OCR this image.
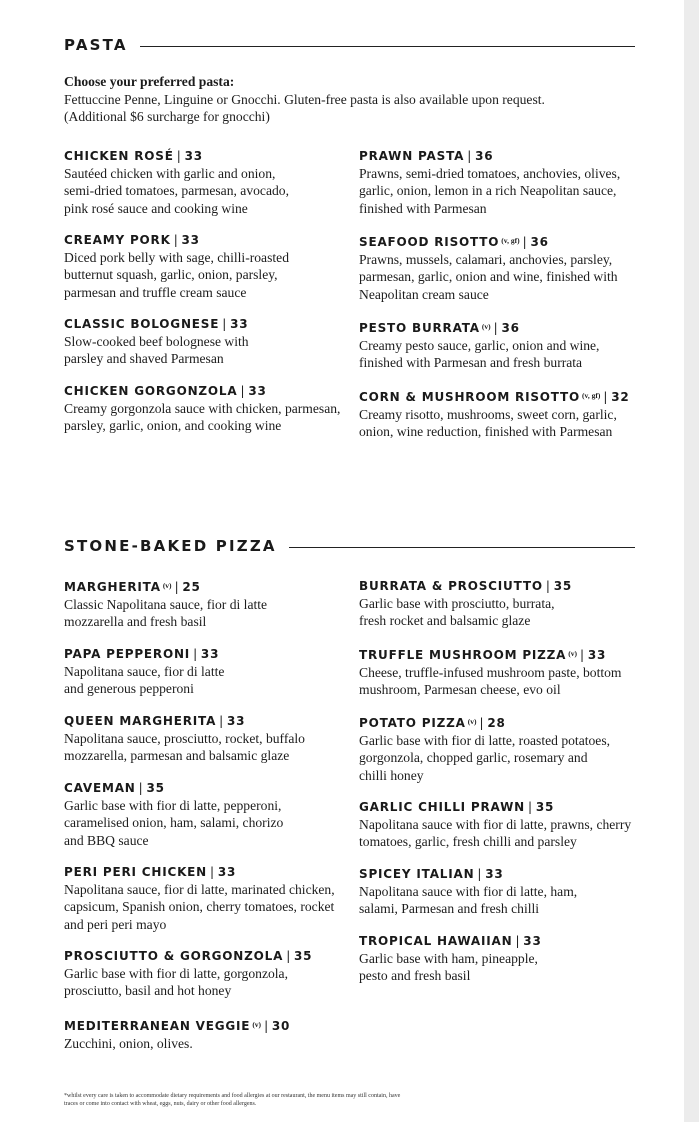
PASTA
Choose your preferred pasta:
Fettuccine Penne, Linguine or Gnocchi. Gluten-free pasta is also available upon request.
(Additional $6 surcharge for gnocchi)
CHICKEN ROSÉ | 33
Sautéed chicken with garlic and onion,
semi-dried tomatoes, parmesan, avocado,
pink rosé sauce and cooking wine
CREAMY PORK | 33
Diced pork belly with sage, chilli-roasted
butternut squash, garlic, onion, parsley,
parmesan and truffle cream sauce
CLASSIC BOLOGNESE | 33
Slow-cooked beef bolognese with
parsley and shaved Parmesan
CHICKEN GORGONZOLA | 33
Creamy gorgonzola sauce with chicken, parmesan,
parsley, garlic, onion, and cooking wine
PRAWN PASTA | 36
Prawns, semi-dried tomatoes, anchovies, olives,
garlic, onion, lemon in a rich Neapolitan sauce,
finished with Parmesan
SEAFOOD RISOTTO $^{(v, gf)}$ | 36
Prawns, mussels, calamari, anchovies, parsley,
parmesan, garlic, onion and wine, finished with
Neapolitan cream sauce
PESTO BURRATA $^{(v)}$ | 36
Creamy pesto sauce, garlic, onion and wine,
finished with Parmesan and fresh burrata
CORN & MUSHROOM RISOTTO $^{(v, gf)}$ | 32
Creamy risotto, mushrooms, sweet corn, garlic,
onion, wine reduction, finished with Parmesan
STONE-BAKED PIZZA
MARGHERITA $^{(v)}$ | 25
Classic Napolitana sauce, fior di latte
mozzarella and fresh basil
PAPA PEPPERONI | 33
Napolitana sauce, fior di latte
and generous pepperoni
QUEEN MARGHERITA | 33
Napolitana sauce, prosciutto, rocket, buffalo
mozzarella, parmesan and balsamic glaze
CAVEMAN | 35
Garlic base with fior di latte, pepperoni,
caramelised onion, ham, salami, chorizo
and BBQ sauce
PERI PERI CHICKEN | 33
Napolitana sauce, fior di latte, marinated chicken,
capsicum, Spanish onion, cherry tomatoes, rocket
and peri peri mayo
PROSCIUTTO & GORGONZOLA | 35
Garlic base with fior di latte, gorgonzola,
prosciutto, basil and hot honey
MEDITERRANEAN VEGGIE $^{(v)}$ | 30
Zucchini, onion, olives.
BURRATA & PROSCIUTTO | 35
Garlic base with prosciutto, burrata,
fresh rocket and balsamic glaze
TRUFFLE MUSHROOM PIZZA $^{(v)}$ | 33
Cheese, truffle-infused mushroom paste, bottom
mushroom, Parmesan cheese, evo oil
POTATO PIZZA $^{(v)}$ | 28
Garlic base with fior di latte, roasted potatoes,
gorgonzola, chopped garlic, rosemary and
chilli honey
GARLIC CHILLI PRAWN | 35
Napolitana sauce with fior di latte, prawns, cherry
tomatoes, garlic, fresh chilli and parsley
SPICEY ITALIAN | 33
Napolitana sauce with fior di latte, ham,
salami, Parmesan and fresh chilli
TROPICAL HAWAIIAN | 33
Garlic base with ham, pineapple,
pesto and fresh basil
*whilst every care is taken to accommodate dietary requirements and food allergies at our restaurant, the menu items may still contain, have traces or come into contact with wheat, eggs, nuts, dairy or other food allergens.
